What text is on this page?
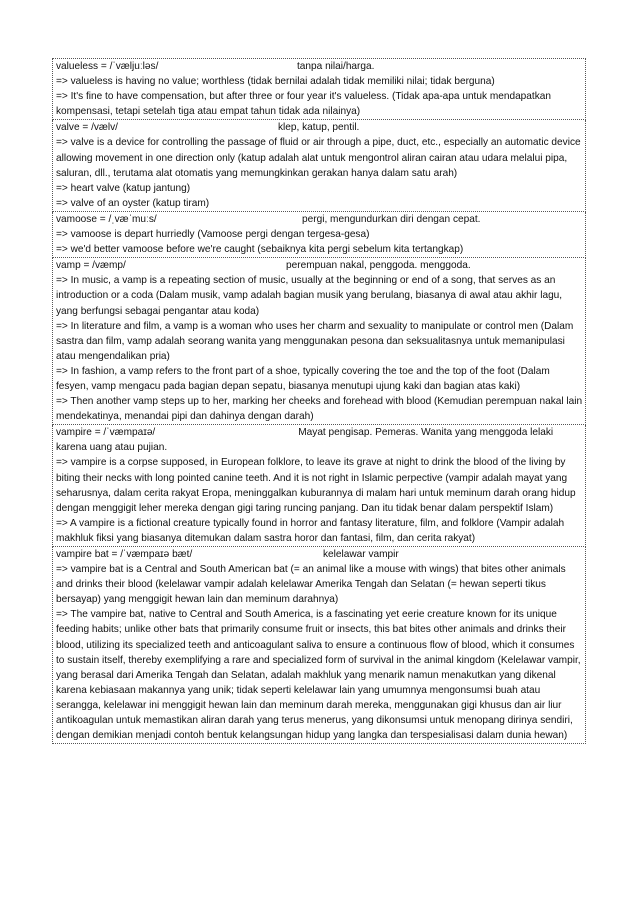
valueless = /ˈvæljuːləs/	tanpa nilai/harga.
=> valueless is having no value; worthless (tidak bernilai adalah tidak memiliki nilai; tidak berguna)
=> It's fine to have compensation, but after three or four year it's valueless. (Tidak apa-apa untuk mendapatkan kompensasi, tetapi setelah tiga atau empat tahun tidak ada nilainya)
valve = /vælv/	klep, katup, pentil.
=> valve is a device for controlling the passage of fluid or air through a pipe, duct, etc., especially an automatic device allowing movement in one direction only (katup adalah alat untuk mengontrol aliran cairan atau udara melalui pipa, saluran, dll., terutama alat otomatis yang memungkinkan gerakan hanya dalam satu arah)
=> heart valve (katup jantung)
=> valve of an oyster (katup tiram)
vamoose = /ˌvæˈmuːs/	pergi, mengundurkan diri dengan cepat.
=> vamoose is depart hurriedly (Vamoose pergi dengan tergesa-gesa)
=> we'd better vamoose before we're caught (sebaiknya kita pergi sebelum kita tertangkap)
vamp = /væmp/	perempuan nakal, penggoda. menggoda.
=> In music, a vamp is a repeating section of music, usually at the beginning or end of a song, that serves as an introduction or a coda (Dalam musik, vamp adalah bagian musik yang berulang, biasanya di awal atau akhir lagu, yang berfungsi sebagai pengantar atau koda)
=> In literature and film, a vamp is a woman who uses her charm and sexuality to manipulate or control men (Dalam sastra dan film, vamp adalah seorang wanita yang menggunakan pesona dan seksualitasnya untuk memanipulasi atau mengendalikan pria)
=> In fashion, a vamp refers to the front part of a shoe, typically covering the toe and the top of the foot (Dalam fesyen, vamp mengacu pada bagian depan sepatu, biasanya menutupi ujung kaki dan bagian atas kaki)
=> Then another vamp steps up to her, marking her cheeks and forehead with blood (Kemudian perempuan nakal lain mendekatinya, menandai pipi dan dahinya dengan darah)
vampire = /ˈvæmpaɪə/	Mayat pengisap. Pemeras. Wanita yang menggoda lelaki karena uang atau pujian.
=> vampire is a corpse supposed, in European folklore, to leave its grave at night to drink the blood of the living by biting their necks with long pointed canine teeth. And it is not right in Islamic perpective (vampir adalah mayat yang seharusnya, dalam cerita rakyat Eropa, meninggalkan kuburannya di malam hari untuk meminum darah orang hidup dengan menggigit leher mereka dengan gigi taring runcing panjang. Dan itu tidak benar dalam perspektif Islam)
=> A vampire is a fictional creature typically found in horror and fantasy literature, film, and folklore (Vampir adalah makhluk fiksi yang biasanya ditemukan dalam sastra horor dan fantasi, film, dan cerita rakyat)
vampire bat = /ˈvæmpaɪə bæt/	kelelawar vampir
=> vampire bat is a Central and South American bat (= an animal like a mouse with wings) that bites other animals and drinks their blood (kelelawar vampir adalah kelelawar Amerika Tengah dan Selatan (= hewan seperti tikus bersayap) yang menggigit hewan lain dan meminum darahnya)
=> The vampire bat, native to Central and South America, is a fascinating yet eerie creature known for its unique feeding habits; unlike other bats that primarily consume fruit or insects, this bat bites other animals and drinks their blood, utilizing its specialized teeth and anticoagulant saliva to ensure a continuous flow of blood, which it consumes to sustain itself, thereby exemplifying a rare and specialized form of survival in the animal kingdom (Kelelawar vampir, yang berasal dari Amerika Tengah dan Selatan, adalah makhluk yang menarik namun menakutkan yang dikenal karena kebiasaan makannya yang unik; tidak seperti kelelawar lain yang umumnya mengonsumsi buah atau serangga, kelelawar ini menggigit hewan lain dan meminum darah mereka, menggunakan gigi khusus dan air liur antikoagulan untuk memastikan aliran darah yang terus menerus, yang dikonsumsi untuk menopang dirinya sendiri, dengan demikian menjadi contoh bentuk kelangsungan hidup yang langka dan terspesialisasi dalam dunia hewan)
